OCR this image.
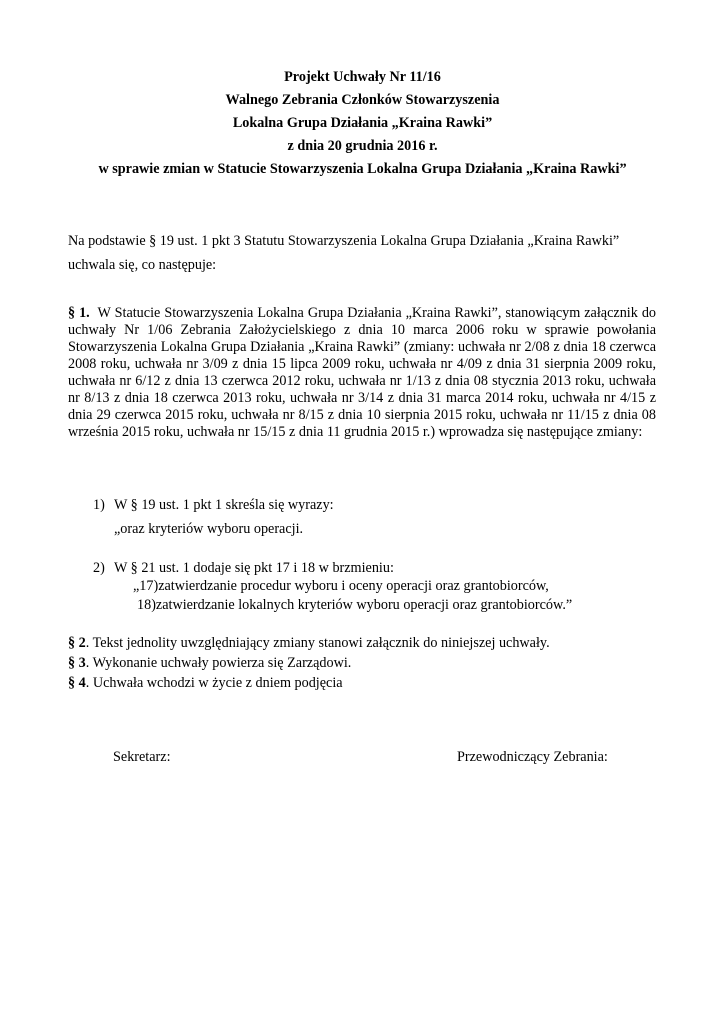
Projekt Uchwały Nr 11/16
Walnego Zebrania Członków Stowarzyszenia
Lokalna Grupa Działania „Kraina Rawki”
z dnia 20 grudnia 2016 r.
w sprawie zmian w Statucie Stowarzyszenia Lokalna Grupa Działania „Kraina Rawki”

Na podstawie § 19 ust. 1 pkt 3 Statutu Stowarzyszenia Lokalna Grupa Działania „Kraina Rawki”

uchwala się, co następuje:

§ 1. W Statucie Stowarzyszenia Lokalna Grupa Działania „Kraina Rawki”, stanowiącym załącznik do uchwały Nr 1/06 Zebrania Założycielskiego z dnia 10 marca 2006 roku w sprawie powołania Stowarzyszenia Lokalna Grupa Działania „Kraina Rawki” (zmiany: uchwała nr 2/08 z dnia 18 czerwca 2008 roku, uchwała nr 3/09 z dnia 15 lipca 2009 roku, uchwała nr 4/09 z dnia 31 sierpnia 2009 roku, uchwała nr 6/12 z dnia 13 czerwca 2012 roku, uchwała nr 1/13 z dnia 08 stycznia 2013 roku, uchwała nr 8/13 z dnia 18 czerwca 2013 roku, uchwała nr 3/14 z dnia 31 marca 2014 roku, uchwała nr 4/15 z dnia 29 czerwca 2015 roku, uchwała nr 8/15 z dnia 10 sierpnia 2015 roku, uchwała nr 11/15 z dnia 08 września 2015 roku, uchwała nr 15/15 z dnia 11 grudnia 2015 r.) wprowadza się następujące zmiany:
1) W § 19 ust. 1 pkt 1 skreśla się wyrazy:
„oraz kryteriów wyboru operacji.
2) W § 21 ust. 1 dodaje się pkt 17 i 18 w brzmieniu:
„17)zatwierdzanie procedur wyboru i oceny operacji oraz grantobiorców,
18)zatwierdzanie lokalnych kryteriów wyboru operacji oraz grantobiorców.”
§ 2. Tekst jednolity uwzględniający zmiany stanowi załącznik do niniejszej uchwały.
§ 3. Wykonanie uchwały powierza się Zarządowi.
§ 4. Uchwała wchodzi w życie z dniem podjęcia
Sekretarz:	Przewodniczący Zebrania:
